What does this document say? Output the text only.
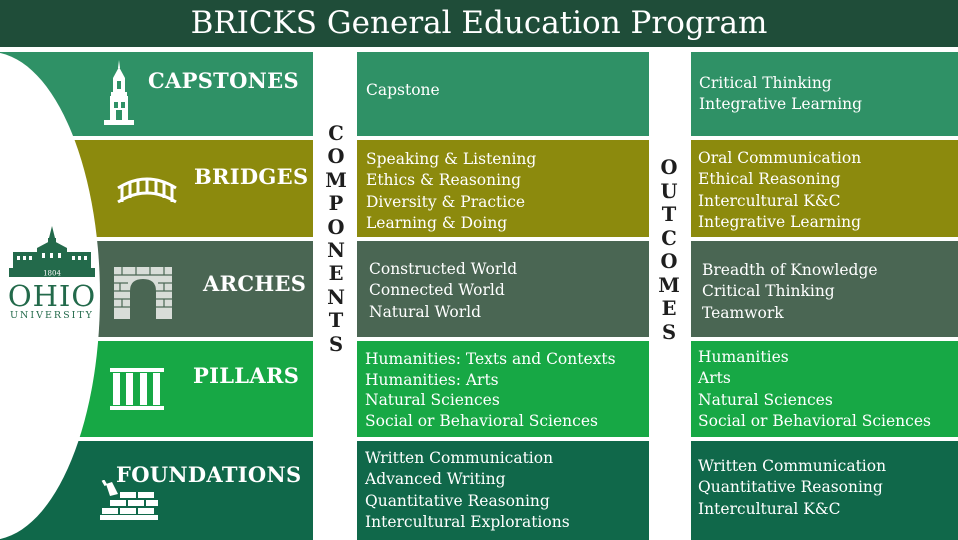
BRICKS General Education Program
1804
OHIO
UNIVERSITY
CAPSTONES
BRIDGES
ARCHES
PILLARS
FOUNDATIONS
C
O
M
P
O
N
E
N
T
S
O
U
T
C
O
M
E
S
Capstone
Speaking & Listening
Ethics & Reasoning
Diversity & Practice
Learning & Doing
Constructed World
Connected World
Natural World
Humanities: Texts and Contexts
Humanities: Arts
Natural Sciences
Social or Behavioral Sciences
Written Communication
Advanced Writing
Quantitative Reasoning
Intercultural Explorations
Critical Thinking
Integrative Learning
Oral Communication
Ethical Reasoning
Intercultural K&C
Integrative Learning
Breadth of Knowledge
Critical Thinking
Teamwork
Humanities
Arts
Natural Sciences
Social or Behavioral Sciences
Written Communication
Quantitative Reasoning
Intercultural K&C
